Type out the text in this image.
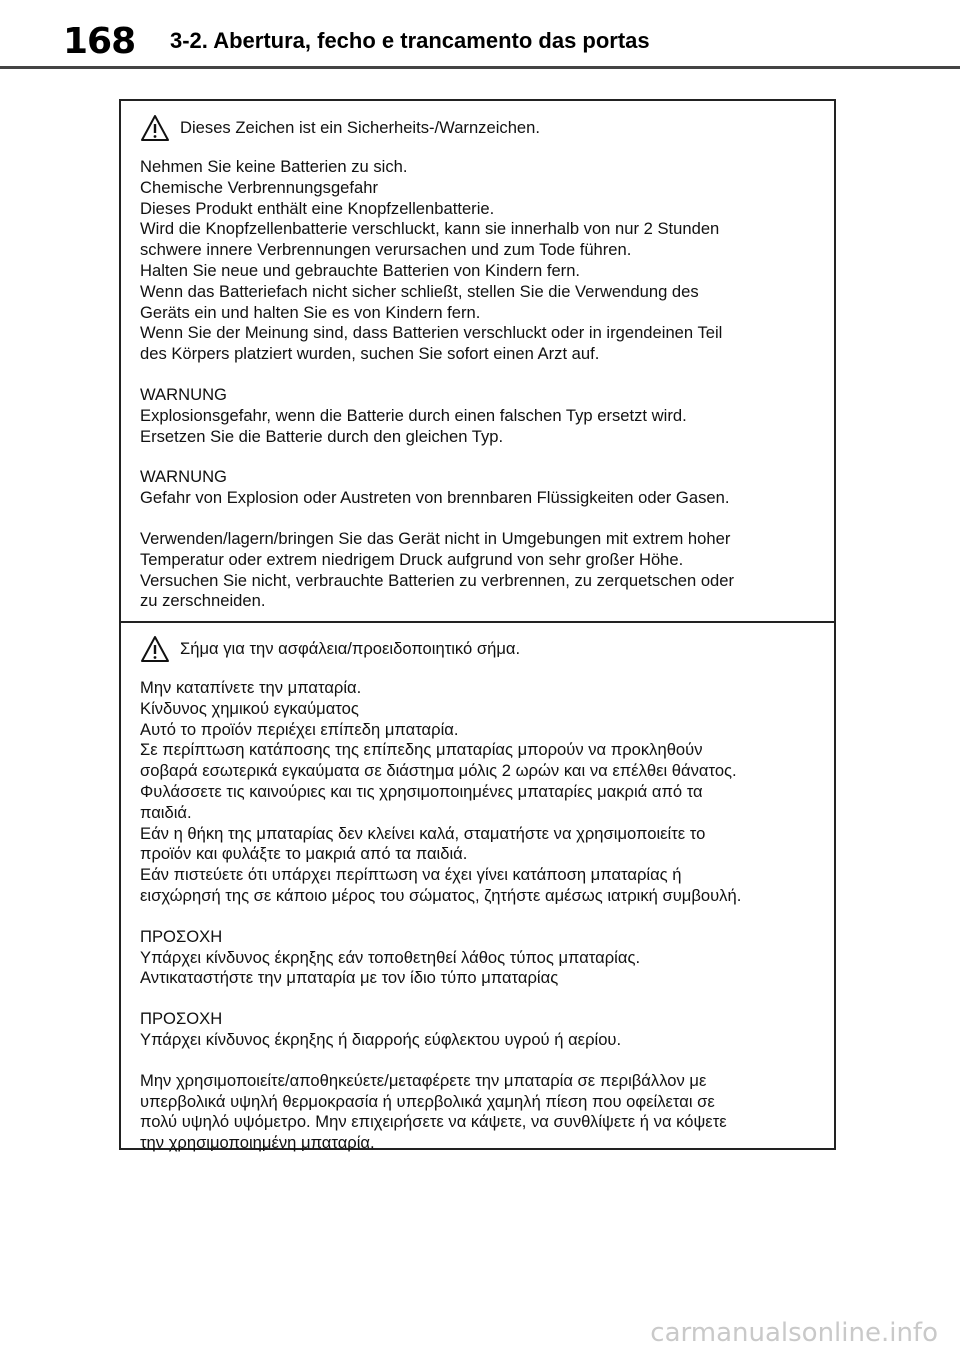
168 3-2. Abertura, fecho e trancamento das portas
Dieses Zeichen ist ein Sicherheits-/Warnzeichen.
Nehmen Sie keine Batterien zu sich.
Chemische Verbrennungsgefahr
Dieses Produkt enthält eine Knopfzellenbatterie.
Wird die Knopfzellenbatterie verschluckt, kann sie innerhalb von nur 2 Stunden
schwere innere Verbrennungen verursachen und zum Tode führen.
Halten Sie neue und gebrauchte Batterien von Kindern fern.
Wenn das Batteriefach nicht sicher schließt, stellen Sie die Verwendung des
Geräts ein und halten Sie es von Kindern fern.
Wenn Sie der Meinung sind, dass Batterien verschluckt oder in irgendeinen Teil
des Körpers platziert wurden, suchen Sie sofort einen Arzt auf.
WARNUNG
Explosionsgefahr, wenn die Batterie durch einen falschen Typ ersetzt wird.
Ersetzen Sie die Batterie durch den gleichen Typ.
WARNUNG
Gefahr von Explosion oder Austreten von brennbaren Flüssigkeiten oder Gasen.
Verwenden/lagern/bringen Sie das Gerät nicht in Umgebungen mit extrem hoher
Temperatur oder extrem niedrigem Druck aufgrund von sehr großer Höhe.
Versuchen Sie nicht, verbrauchte Batterien zu verbrennen, zu zerquetschen oder
zu zerschneiden.
Σήμα για την ασφάλεια/προειδοποιητικό σήμα.
Μην καταπίνετε την μπαταρία.
Κίνδυνος χημικού εγκαύματος
Αυτό το προϊόν περιέχει επίπεδη μπαταρία.
Σε περίπτωση κατάποσης της επίπεδης μπαταρίας μπορούν να προκληθούν
σοβαρά εσωτερικά εγκαύματα σε διάστημα μόλις 2 ωρών και να επέλθει θάνατος.
Φυλάσσετε τις καινούριες και τις χρησιμοποιημένες μπαταρίες μακριά από τα
παιδιά.
Εάν η θήκη της μπαταρίας δεν κλείνει καλά, σταματήστε να χρησιμοποιείτε το
προϊόν και φυλάξτε το μακριά από τα παιδιά.
Εάν πιστεύετε ότι υπάρχει περίπτωση να έχει γίνει κατάποση μπαταρίας ή
εισχώρησή της σε κάποιο μέρος του σώματος, ζητήστε αμέσως ιατρική συμβουλή.
ΠΡΟΣΟΧΗ
Υπάρχει κίνδυνος έκρηξης εάν τοποθετηθεί λάθος τύπος μπαταρίας.
Αντικαταστήστε την μπαταρία με τον ίδιο τύπο μπαταρίας
ΠΡΟΣΟΧΗ
Υπάρχει κίνδυνος έκρηξης ή διαρροής εύφλεκτου υγρού ή αερίου.
Μην χρησιμοποιείτε/αποθηκεύετε/μεταφέρετε την μπαταρία σε περιβάλλον με
υπερβολικά υψηλή θερμοκρασία ή υπερβολικά χαμηλή πίεση που οφείλεται σε
πολύ υψηλό υψόμετρο. Μην επιχειρήσετε να κάψετε, να συνθλίψετε ή να κόψετε
την χρησιμοποιημένη μπαταρία.
carmanualsonline.info
